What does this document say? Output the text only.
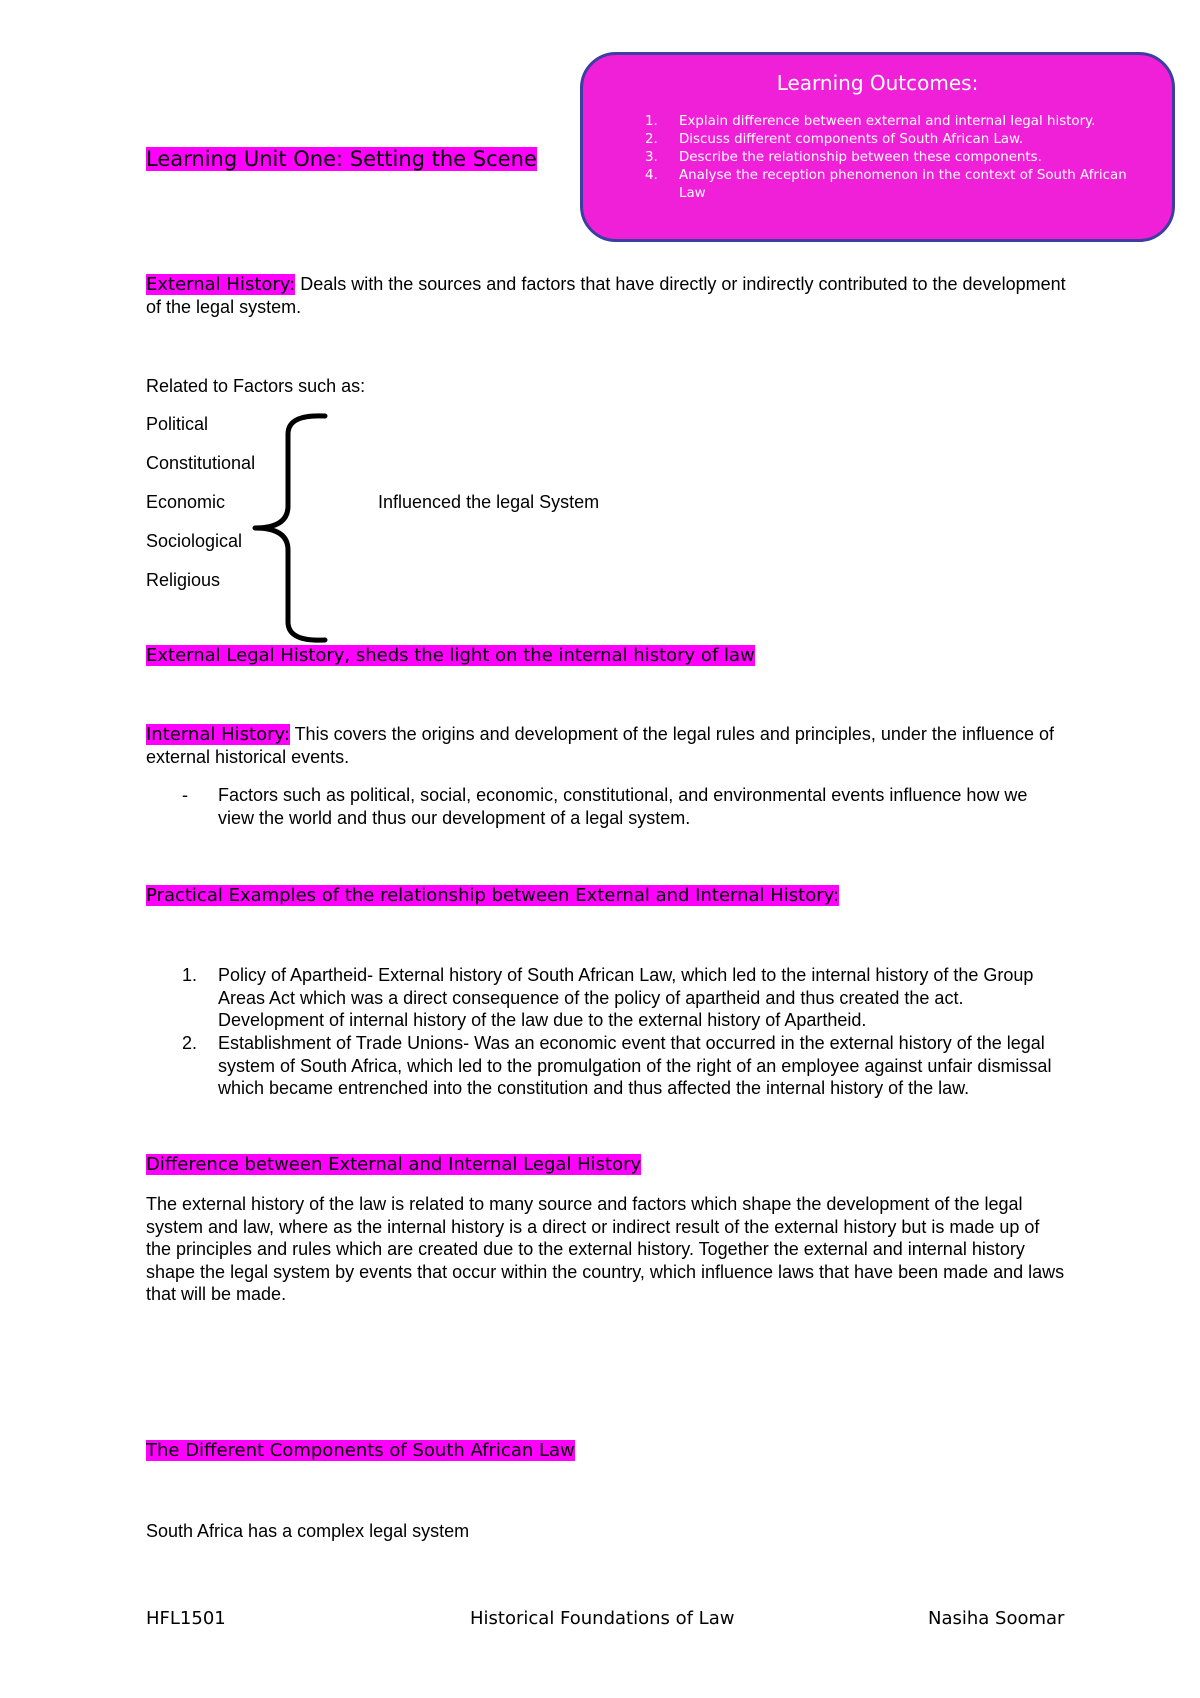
Learning Unit One: Setting the Scene
Learning Outcomes:
1. Explain difference between external and internal legal history.
2. Discuss different components of South African Law.
3. Describe the relationship between these components.
4. Analyse the reception phenomenon in the context of South African Law
External History: Deals with the sources and factors that have directly or indirectly contributed to the development of the legal system.
Related to Factors such as:
Political
Constitutional
Economic
Sociological
Religious
Influenced the legal System
External Legal History, sheds the light on the internal history of law
Internal History: This covers the origins and development of the legal rules and principles, under the influence of external historical events.
-	Factors such as political, social, economic, constitutional, and environmental events influence how we view the world and thus our development of a legal system.
Practical Examples of the relationship between External and Internal History:
1.	Policy of Apartheid- External history of South African Law, which led to the internal history of the Group Areas Act which was a direct consequence of the policy of apartheid and thus created the act. Development of internal history of the law due to the external history of Apartheid.
2.	Establishment of Trade Unions- Was an economic event that occurred in the external history of the legal system of South Africa, which led to the promulgation of the right of an employee against unfair dismissal which became entrenched into the constitution and thus affected the internal history of the law.
Difference between External and Internal Legal History
The external history of the law is related to many source and factors which shape the development of the legal system and law, where as the internal history is a direct or indirect result of the external history but is made up of the principles and rules which are created due to the external history. Together the external and internal history shape the legal system by events that occur within the country, which influence laws that have been made and laws that will be made.
The Different Components of South African Law
South Africa has a complex legal system
HFL1501	Historical Foundations of Law	Nasiha Soomar
